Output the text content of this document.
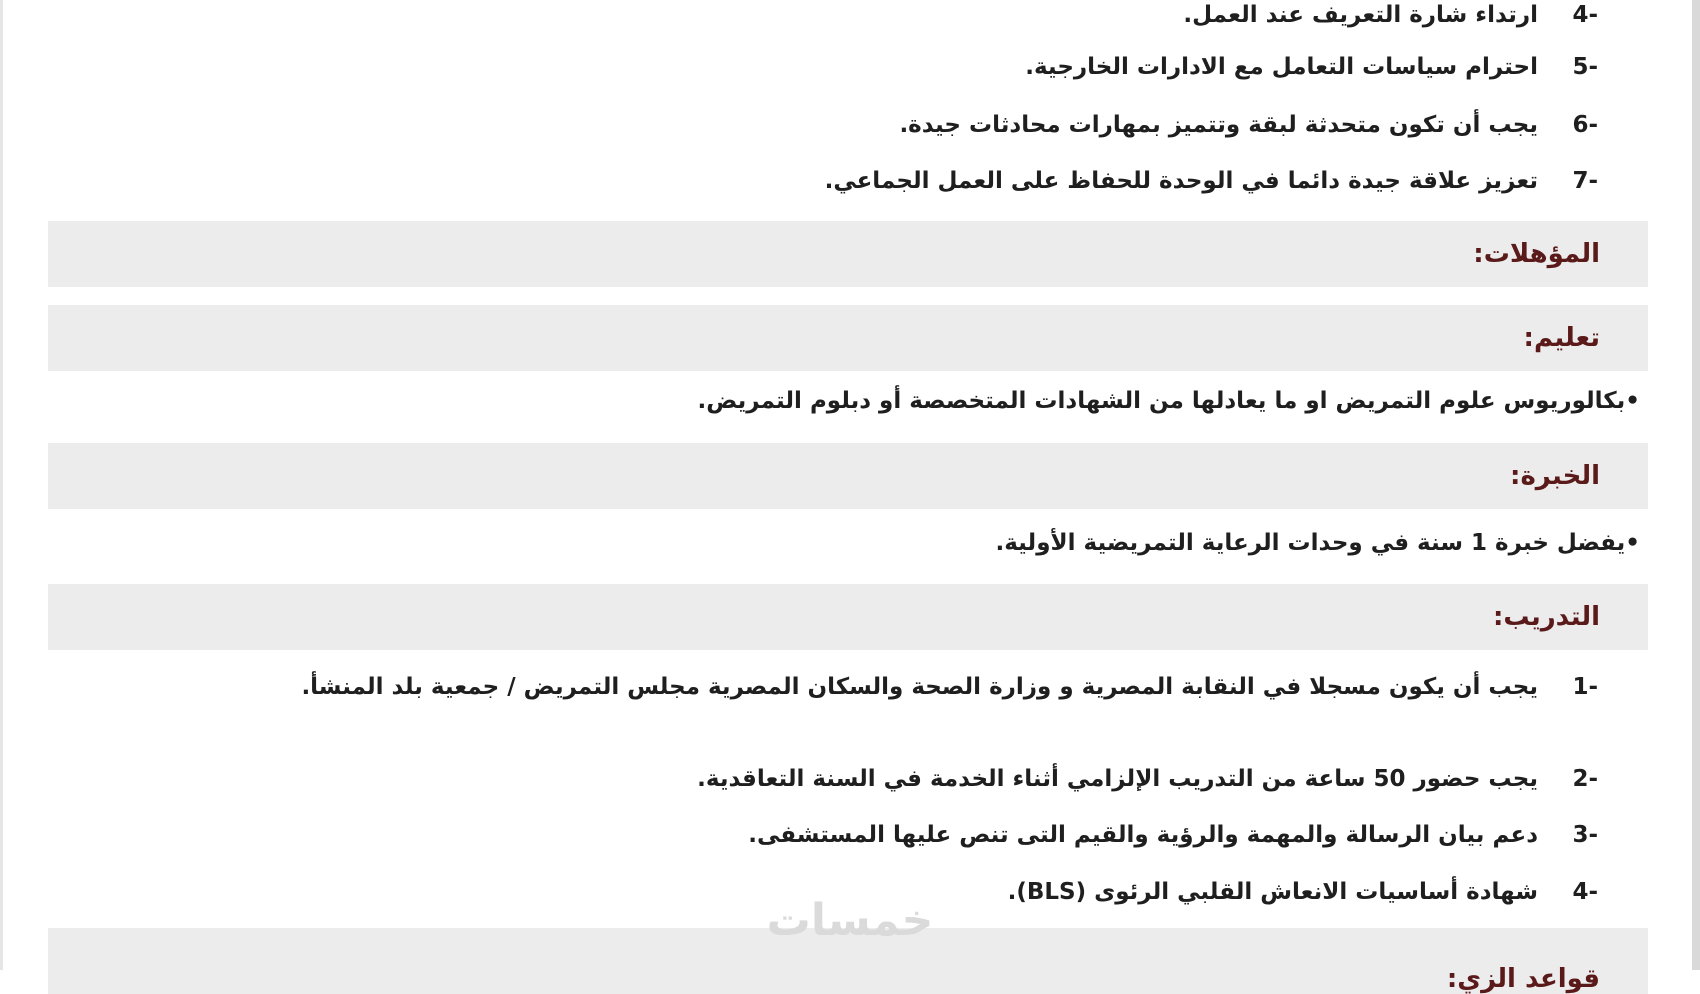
-4
ارتداء شارة التعريف عند العمل.
-5
احترام سياسات التعامل مع الادارات الخارجية.
-6
يجب أن تكون متحدثة لبقة وتتميز بمهارات محادثات جيدة.
-7
تعزيز علاقة جيدة دائما في الوحدة للحفاظ على العمل الجماعي.
المؤهلات:
تعليم:
•بكالوريوس علوم التمريض او ما يعادلها من الشهادات المتخصصة أو دبلوم التمريض.
الخبرة:
•يفضل خبرة 1 سنة في وحدات الرعاية التمريضية الأولية.
التدريب:
-1
يجب أن يكون مسجلا في النقابة المصرية و وزارة الصحة والسكان المصرية مجلس التمريض / جمعية بلد المنشأ.
-2
يجب حضور 50 ساعة من التدريب الإلزامي أثناء الخدمة في السنة التعاقدية.
-3
دعم بيان الرسالة والمهمة والرؤية والقيم التى تنص عليها المستشفى.
-4
شهادة أساسيات الانعاش القلبي الرئوى (BLS).
قواعد الزي:
خمسات
